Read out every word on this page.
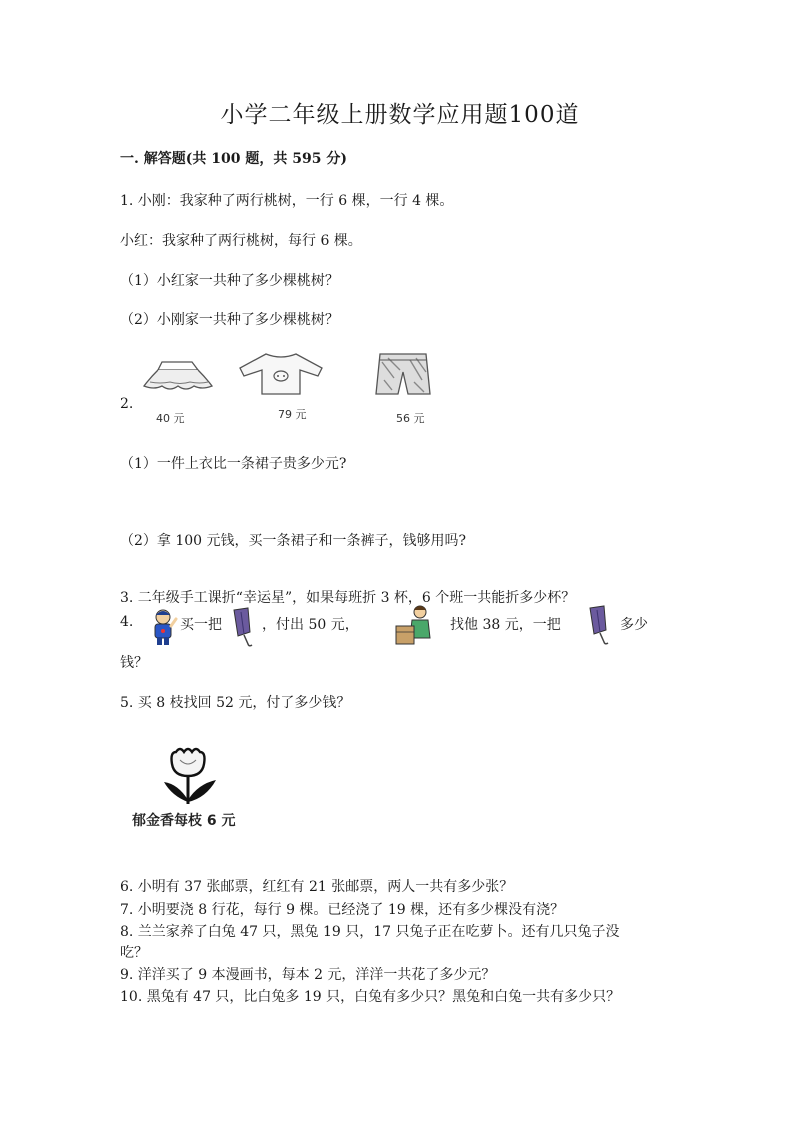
小学二年级上册数学应用题100道
一. 解答题(共 100 题，共 595 分)
1. 小刚：我家种了两行桃树，一行 6 棵，一行 4 棵。
小红：我家种了两行桃树，每行 6 棵。
（1）小红家一共种了多少棵桃树？
（2）小刚家一共种了多少棵桃树？
2.
40 元	79 元	56 元
（1）一件上衣比一条裙子贵多少元?
（2）拿 100 元钱，买一条裙子和一条裤子，钱够用吗?
3. 二年级手工课折“幸运星”，如果每班折 3 杯，6 个班一共能折多少杯？
4.	买一把	，付出 50 元，	找他 38 元，一把	多少
钱？
5. 买 8 枝找回 52 元，付了多少钱？
郁金香每枝 6 元
6. 小明有 37 张邮票，红红有 21 张邮票，两人一共有多少张？
7. 小明要浇 8 行花，每行 9 棵。已经浇了 19 棵，还有多少棵没有浇？
8. 兰兰家养了白兔 47 只，黑兔 19 只，17 只兔子正在吃萝卜。还有几只兔子没
吃？
9. 洋洋买了 9 本漫画书，每本 2 元，洋洋一共花了多少元？
10. 黑兔有 47 只，比白兔多 19 只，白兔有多少只？黑兔和白兔一共有多少只？
